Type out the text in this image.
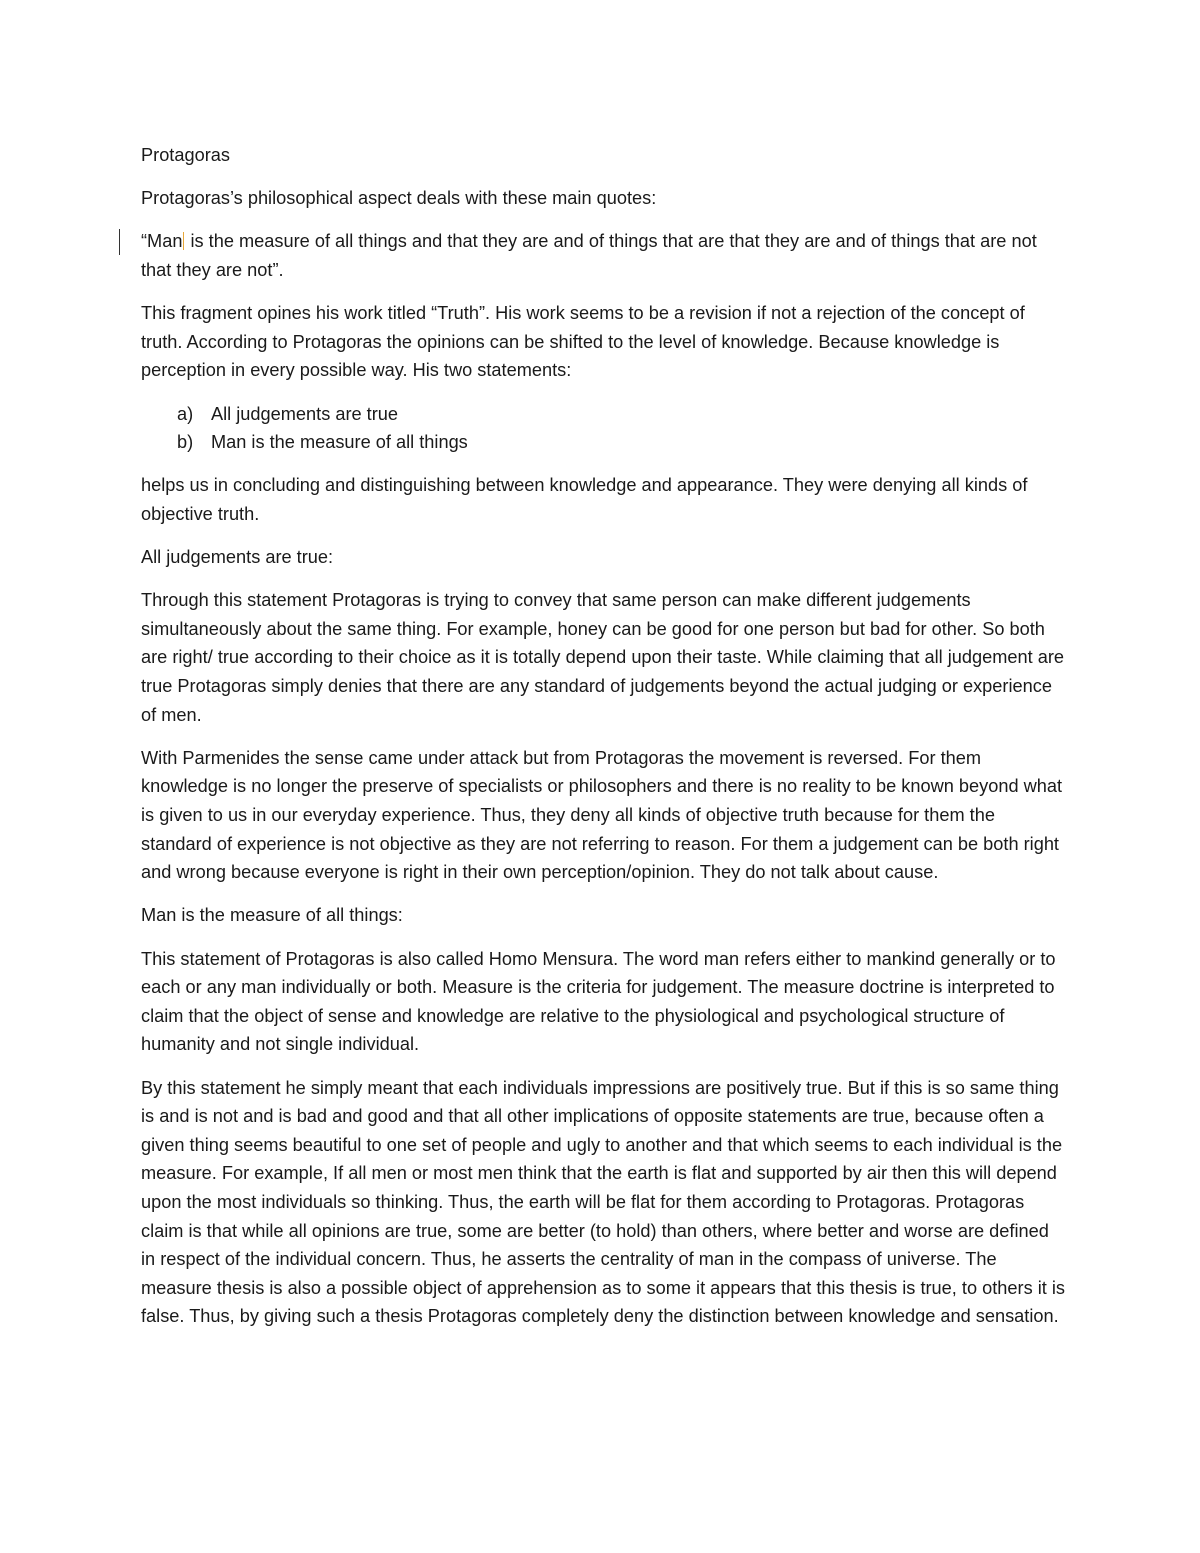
Protagoras

Protagoras’s philosophical aspect deals with these main quotes:

“Man is the measure of all things and that they are and of things that are that they are and of things that are not that they are not”.

This fragment opines his work titled “Truth”. His work seems to be a revision if not a rejection of the concept of truth. According to Protagoras the opinions can be shifted to the level of knowledge. Because knowledge is perception in every possible way. His two statements:

a) All judgements are true
b) Man is the measure of all things

helps us in concluding and distinguishing between knowledge and appearance. They were denying all kinds of objective truth.

All judgements are true:

Through this statement Protagoras is trying to convey that same person can make different judgements simultaneously about the same thing. For example, honey can be good for one person but bad for other. So both are right/ true according to their choice as it is totally depend upon their taste. While claiming that all judgement are true Protagoras simply denies that there are any standard of judgements beyond the actual judging or experience of men.

With Parmenides the sense came under attack but from Protagoras the movement is reversed. For them knowledge is no longer the preserve of specialists or philosophers and there is no reality to be known beyond what is given to us in our everyday experience. Thus, they deny all kinds of objective truth because for them the standard of experience is not objective as they are not referring to reason. For them a judgement can be both right and wrong because everyone is right in their own perception/opinion. They do not talk about cause.

Man is the measure of all things:

This statement of Protagoras is also called Homo Mensura. The word man refers either to mankind generally or to each or any man individually or both. Measure is the criteria for judgement. The measure doctrine is interpreted to claim that the object of sense and knowledge are relative to the physiological and psychological structure of humanity and not single individual.

By this statement he simply meant that each individuals impressions are positively true. But if this is so same thing is and is not and is bad and good and that all other implications of opposite statements are true, because often a given thing seems beautiful to one set of people and ugly to another and that which seems to each individual is the measure. For example, If all men or most men think that the earth is flat and supported by air then this will depend upon the most individuals so thinking. Thus, the earth will be flat for them according to Protagoras. Protagoras claim is that while all opinions are true, some are better (to hold) than others, where better and worse are defined in respect of the individual concern. Thus, he asserts the centrality of man in the compass of universe. The measure thesis is also a possible object of apprehension as to some it appears that this thesis is true, to others it is false. Thus, by giving such a thesis Protagoras completely deny the distinction between knowledge and sensation.
